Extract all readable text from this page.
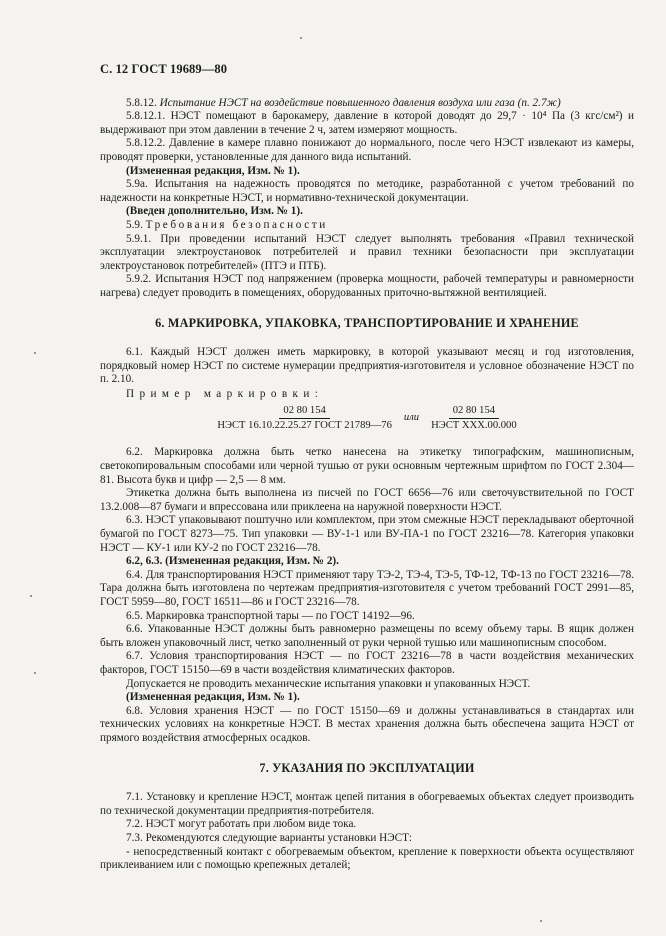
С. 12 ГОСТ 19689—80

5.8.12. Испытание НЭСТ на воздействие повышенного давления воздуха или газа (п. 2.7ж)

5.8.12.1. НЭСТ помещают в барокамеру, давление в которой доводят до 29,7 · 10⁴ Па (3 кгс/см²) и выдерживают при этом давлении в течение 2 ч, затем измеряют мощность.

5.8.12.2. Давление в камере плавно понижают до нормального, после чего НЭСТ извлекают из камеры, проводят проверки, установленные для данного вида испытаний.

(Измененная редакция, Изм. № 1).

5.9а. Испытания на надежность проводятся по методике, разработанной с учетом требований по надежности на конкретные НЭСТ, и нормативно-технической документации.

(Введен дополнительно, Изм. № 1).

5.9. Требования безопасности

5.9.1. При проведении испытаний НЭСТ следует выполнять требования «Правил технической эксплуатации электроустановок потребителей и правил техники безопасности при эксплуатации электроустановок потребителей» (ПТЭ и ПТБ).

5.9.2. Испытания НЭСТ под напряжением (проверка мощности, рабочей температуры и равномерности нагрева) следует проводить в помещениях, оборудованных приточно-вытяжной вентиляцией.

6. МАРКИРОВКА, УПАКОВКА, ТРАНСПОРТИРОВАНИЕ И ХРАНЕНИЕ

6.1. Каждый НЭСТ должен иметь маркировку, в которой указывают месяц и год изготовления, порядковый номер НЭСТ по системе нумерации предприятия-изготовителя и условное обозначение НЭСТ по п. 2.10.

Пример маркировки:

$\frac{02 80 154}{\text{НЭСТ 16.10.22.25.27 ГОСТ 21789—76}}$ или $\frac{02 80 154}{\text{НЭСТ XXX.00.000}}$

6.2. Маркировка должна быть четко нанесена на этикетку типографским, машинописным, светокопировальным способами или черной тушью от руки основным чертежным шрифтом по ГОСТ 2.304—81. Высота букв и цифр — 2,5 — 8 мм.

Этикетка должна быть выполнена из писчей по ГОСТ 6656—76 или светочувствительной по ГОСТ 13.2.008—87 бумаги и впрессована или приклеена на наружной поверхности НЭСТ.

6.3. НЭСТ упаковывают поштучно или комплектом, при этом смежные НЭСТ перекладывают оберточной бумагой по ГОСТ 8273—75. Тип упаковки — ВУ-1-1 или ВУ-ПА-1 по ГОСТ 23216—78. Категория упаковки НЭСТ — КУ-1 или КУ-2 по ГОСТ 23216—78.

6.2, 6.3. (Измененная редакция, Изм. № 2).

6.4. Для транспортирования НЭСТ применяют тару ТЭ-2, ТЭ-4, ТЭ-5, ТФ-12, ТФ-13 по ГОСТ 23216—78. Тара должна быть изготовлена по чертежам предприятия-изготовителя с учетом требований ГОСТ 2991—85, ГОСТ 5959—80, ГОСТ 16511—86 и ГОСТ 23216—78.

6.5. Маркировка транспортной тары — по ГОСТ 14192—96.

6.6. Упакованные НЭСТ должны быть равномерно размещены по всему объему тары. В ящик должен быть вложен упаковочный лист, четко заполненный от руки черной тушью или машинописным способом.

6.7. Условия транспортирования НЭСТ — по ГОСТ 23216—78 в части воздействия механических факторов, ГОСТ 15150—69 в части воздействия климатических факторов.

Допускается не проводить механические испытания упаковки и упакованных НЭСТ.

(Измененная редакция, Изм. № 1).

6.8. Условия хранения НЭСТ — по ГОСТ 15150—69 и должны устанавливаться в стандартах или технических условиях на конкретные НЭСТ. В местах хранения должна быть обеспечена защита НЭСТ от прямого воздействия атмосферных осадков.

7. УКАЗАНИЯ ПО ЭКСПЛУАТАЦИИ

7.1. Установку и крепление НЭСТ, монтаж цепей питания в обогреваемых объектах следует производить по технической документации предприятия-потребителя.

7.2. НЭСТ могут работать при любом виде тока.

7.3. Рекомендуются следующие варианты установки НЭСТ:

- непосредственный контакт с обогреваемым объектом, крепление к поверхности объекта осуществляют приклеиванием или с помощью крепежных деталей;
